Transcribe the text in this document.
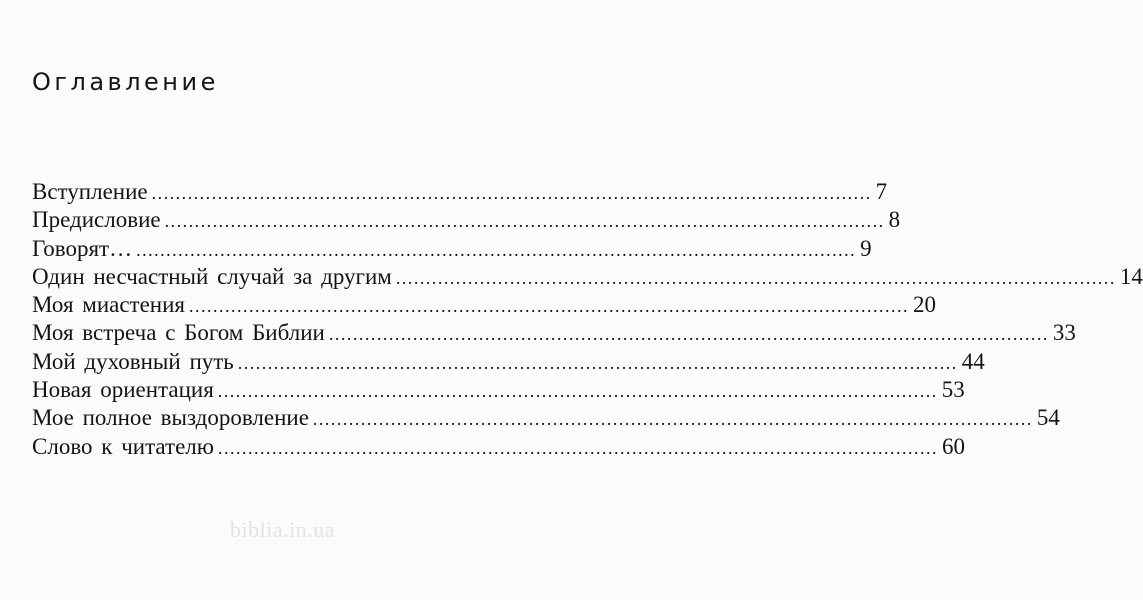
Оглавление
Вступление ........................................................................................................................ 7
Предисловие ........................................................................................................................ 8
Говорят… ........................................................................................................................ 9
Один несчастный случай за другим ........................................................................................................................ 14
Моя миастения ........................................................................................................................ 20
Моя встреча с Богом Библии ........................................................................................................................ 33
Мой духовный путь ........................................................................................................................ 44
Новая ориентация ........................................................................................................................ 53
Мое полное выздоровление ........................................................................................................................ 54
Слово к читателю ........................................................................................................................ 60
biblia.in.ua
